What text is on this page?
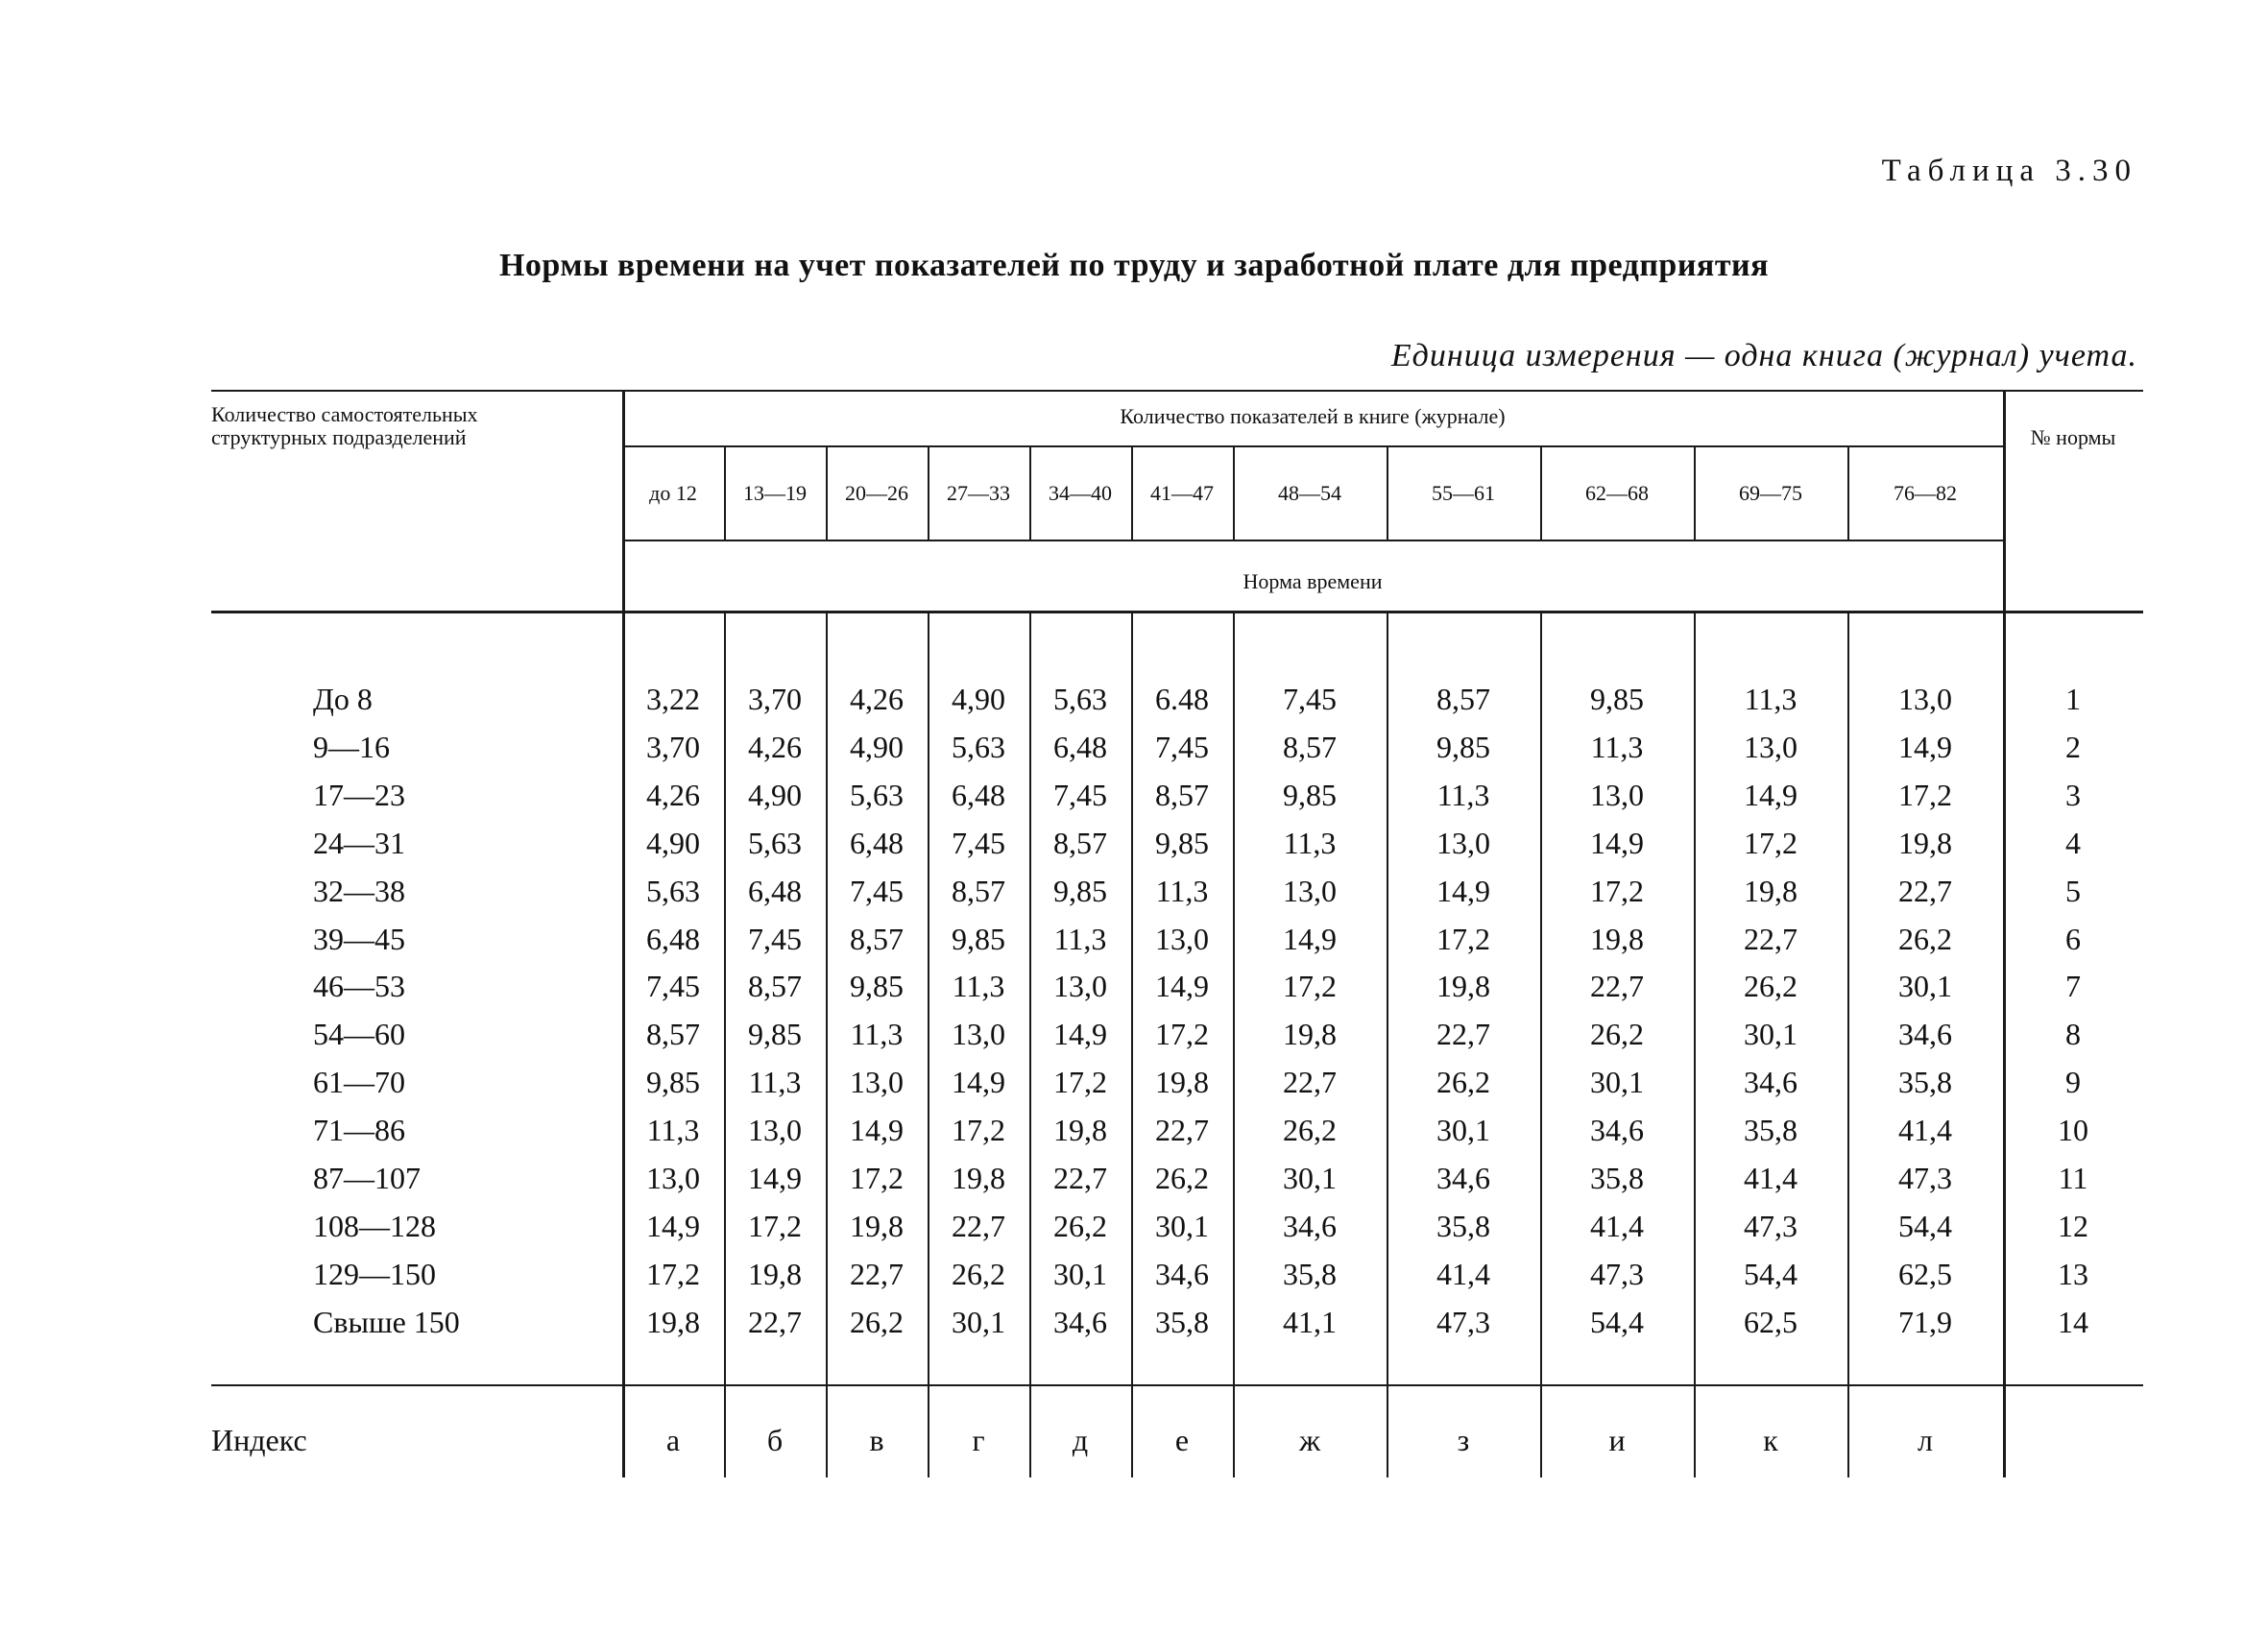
Таблица 3.30
Нормы времени на учет показателей по труду и заработной плате для предприятия
Единица измерения — одна книга (журнал) учета.
Количество самостоятельных структурных подразделений
Количество показателей в книге (журнале)
№ нормы
Норма времени
до 12 13—19 20—26 27—33 34—40 41—47	48—54	55—61	62—68	69—75	76—82
До 8	3,22 3,70 4,26 4,90 5,63 6.48 7,45	8,57	9,85	11,3	13,0	1
9—16	3,70 4,26 4,90 5,63 6,48 7,45 8,57	9,85	11,3	13,0	14,9	2
17—23	4,26 4,90 5,63 6,48 7,45 8,57 9,85	11,3	13,0	14,9	17,2	3
24—31	4,90 5,63 6,48 7,45 8,57 9,85 11,3	13,0	14,9	17,2	19,8	4
32—38	5,63 6,48 7,45 8,57 9,85 11,3 13,0	14,9	17,2	19,8	22,7	5
39—45	6,48 7,45 8,57 9,85 11,3 13,0 14,9	17,2	19,8	22,7	26,2	6
46—53	7,45 8,57 9,85 11,3 13,0 14,9 17,2	19,8	22,7	26,2	30,1	7
54—60	8,57 9,85 11,3 13,0 14,9 17,2 19,8	22,7	26,2	30,1	34,6	8
61—70	9,85 11,3 13,0 14,9 17,2 19,8 22,7	26,2	30,1	34,6	35,8	9
71—86	11,3 13,0 14,9 17,2 19,8 22,7 26,2	30,1	34,6	35,8	41,4	10
87—107	13,0 14,9 17,2 19,8 22,7 26,2 30,1	34,6	35,8	41,4	47,3	11
108—128	14,9 17,2 19,8 22,7 26,2 30,1 34,6	35,8	41,4	47,3	54,4	12
129—150	17,2 19,8 22,7 26,2 30,1 34,6 35,8	41,4	47,3	54,4	62,5	13
Свыше 150	19,8 22,7 26,2 30,1 34,6 35,8 41,1	47,3	54,4	62,5	71,9	14
Индекс	а	б	в	г	д	е	ж	з	и	к	л
